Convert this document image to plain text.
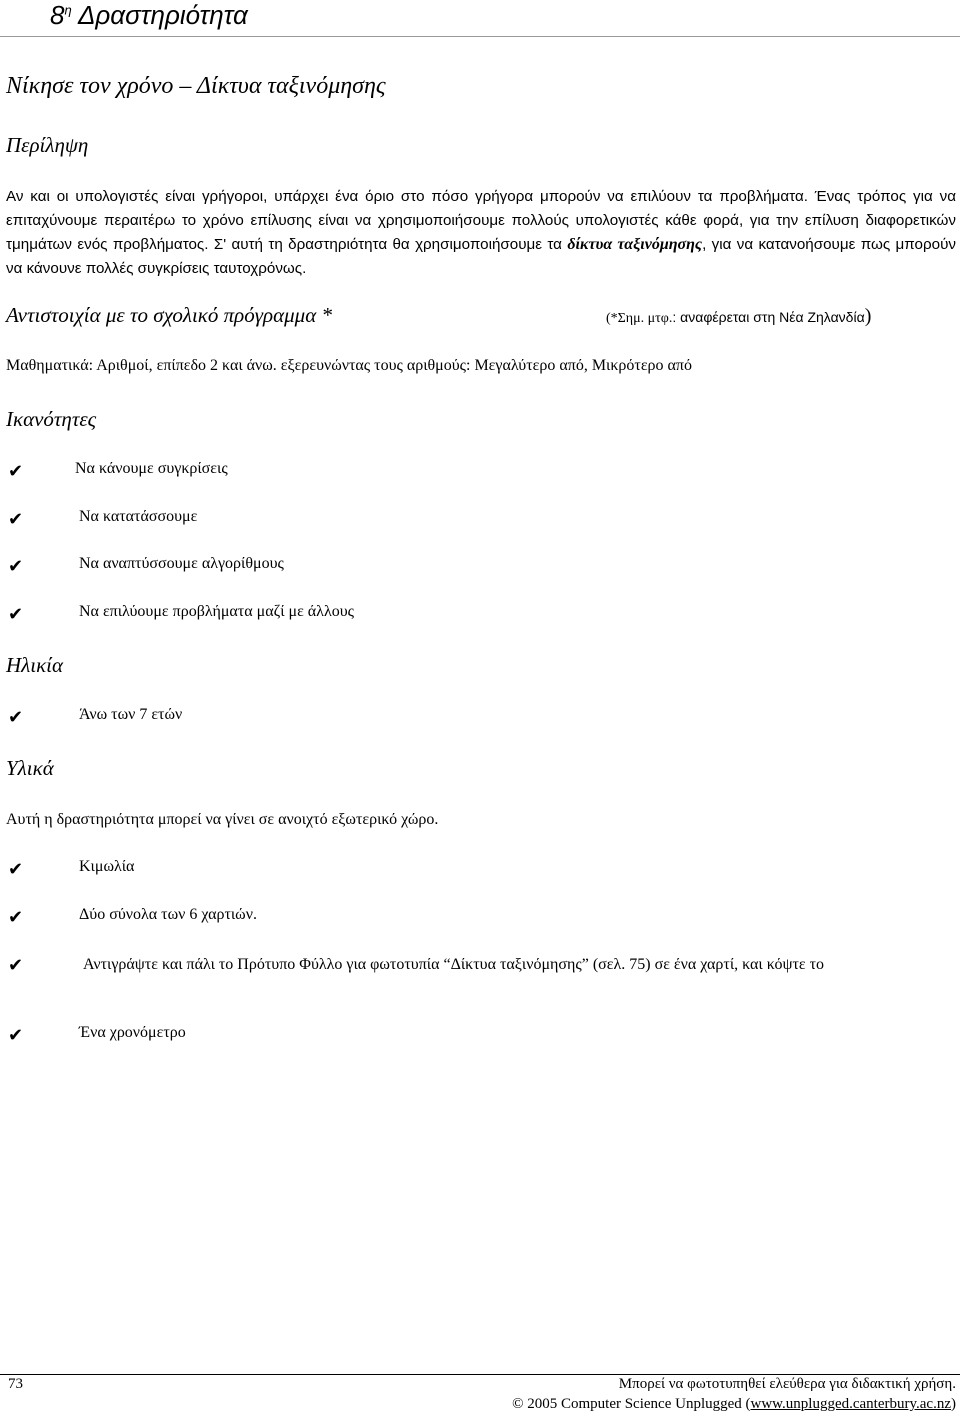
$8^\eta$ Δραστηριότητα
Νίκησε τον χρόνο – Δίκτυα ταξινόμησης
Περίληψη
Αν και οι υπολογιστές είναι γρήγοροι, υπάρχει ένα όριο στο πόσο γρήγορα μπορούν να επιλύουν τα προβλήματα. Ένας τρόπος για να επιταχύνουμε περαιτέρω το χρόνο επίλυσης είναι να χρησιμοποιήσουμε πολλούς υπολογιστές κάθε φορά, για την επίλυση διαφορετικών τμημάτων ενός προβλήματος. Σ' αυτή τη δραστηριότητα θα χρησιμοποιήσουμε τα δίκτυα ταξινόμησης, για να κατανοήσουμε πως μπορούν να κάνουνε πολλές συγκρίσεις ταυτοχρόνως.
Αντιστοιχία με το σχολικό πρόγραμμα *	(*Σημ. μτφ.: αναφέρεται στη Νέα Ζηλανδία)
Μαθηματικά: Αριθμοί, επίπεδο 2 και άνω. εξερευνώντας τους αριθμούς: Μεγαλύτερο από, Μικρότερο από
Ικανότητες
✔	Να κάνουμε συγκρίσεις
✔	Να κατατάσσουμε
✔	Να αναπτύσσουμε αλγορίθμους
✔	Να επιλύουμε προβλήματα μαζί με άλλους
Ηλικία
✔	Άνω των 7 ετών
Υλικά
Αυτή η δραστηριότητα μπορεί να γίνει σε ανοιχτό εξωτερικό χώρο.
✔	Κιμωλία
✔	Δύο σύνολα των 6 χαρτιών.
✔	Αντιγράψτε και πάλι το Πρότυπο Φύλλο για φωτοτυπία “Δίκτυα ταξινόμησης” (σελ. 75) σε ένα χαρτί, και κόψτε το
✔	Ένα χρονόμετρο
73	Μπορεί να φωτοτυπηθεί ελεύθερα για διδακτική χρήση.
© 2005 Computer Science Unplugged (www.unplugged.canterbury.ac.nz)
